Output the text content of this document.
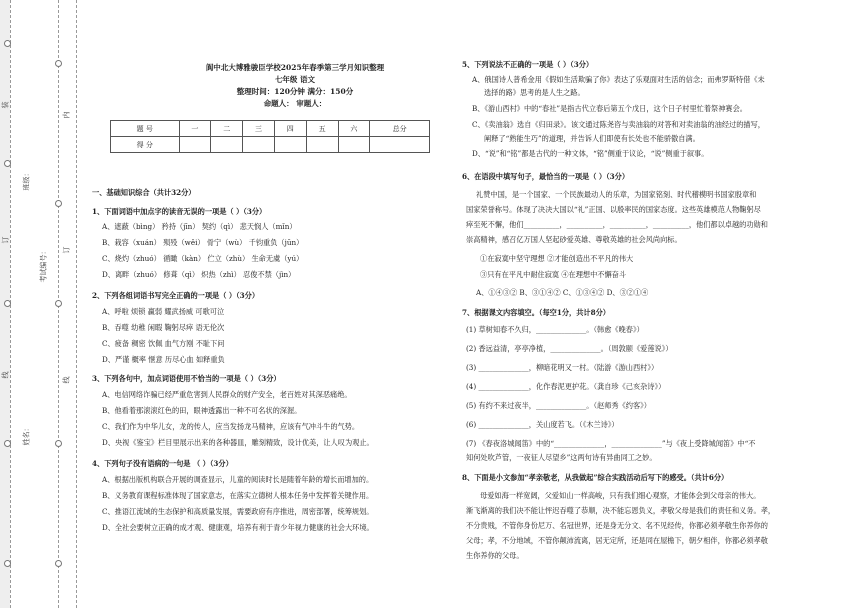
装
订
线
内
订
线
班级：
姓名：
考试编号：
阆中北大博雅骏臣学校2025年春季第三学月知识整理
七年级 语文
整理时间：120分钟 满分：150分
命题人： 审题人：
题 号	一	二	三	四	五	六	总分
得 分							
一、基础知识综合（共计32分）
1、下面词语中加点字的读音无误的一项是（ ）（3分）
A、遮蔽（bìng） 矜持（jīn） 契约（qì） 悲天悯人（mǐn）
B、栽容（xuán） 殒殁（wěi） 骨宁（wù） 千钧重负（jūn）
C、烧灼（zhuó） 循瞰（kàn） 伫立（zhù） 生命无虞（yú）
D、离畔（zhuó） 修葺（qì） 炽热（zhì） 忍俊不禁（jìn）
2、下列各组词语书写完全正确的一项是（ ）（3分）
A、呼啦 烦锁 赢弱 耀武扬威 可歌可泣
B、吞噬 幼稚 闲暇 鞠躬尽瘁 语无伦次
C、疲备 稠密 饮佩 血气方刚 不耻下问
D、严谨 概率 惬意 历尽心血 如释重负
3、下列各句中，加点词语使用不恰当的一项是（ ）（3分）
A、电信网络诈骗已经严重危害到人民群众的财产安全，老百姓对其深恶痛绝。
B、他看着那滚滚红色的田，眼神透露出一种不可名状的深渥。
C、我们作为中华儿女，龙的传人，应当发扬龙马精神，应该有气冲斗牛的气势。
D、央视《鉴宝》栏目里展示出来的各种器皿，雕刻精致，设计优美，让人叹为观止。
4、下列句子没有语病的一句是 （ ）（3分）
A、根据出版机构联合开展的调查显示，儿童的阅读时长是随着年龄的增长而增加的。
B、义务教育课程标准体现了国家意志，在落实立德树人根本任务中发挥着关键作用。
C、推语江流域的生态保护和高质量发展，需要政府有序推进，周密部署，统筹规划。
D、全社会要树立正确的成才观、健康观，培养有利于青少年视力健康的社会大环境。
5、下列说法不正确的一项是（ ）（3分）
A、俄国诗人普希金用《假如生活欺骗了你》表达了乐观面对生活的信念；而弗罗斯特借《未
选择的路》思考的是人生之路。
B、《游山西村》中的“春社”是指古代立春后第五个戊日，这个日子村里忙着祭神赛会。
C、《卖油翁》选自《归田录》。该文通过陈尧咨与卖油翁的对答和对卖油翁的油经过的描写，
阐释了“熟能生巧”的道理，并告诉人们即使有长处也不能骄傲自满。
D、“说”和“铭”都是古代的一种文体，“铭”侧重于议论，“说”侧重于叙事。
6、在语段中填写句子，最恰当的一项是（ ）（3分）
礼赞中国，是一个国家、一个民族最动人的乐章，为国家铭刻、时代稽模明书国家殷章和
国家荣誉称号。体现了决决大国以“礼”正国、以殷率民的国家态度。这些英雄模范人物鞠躬尽
瘁至死不懈，他们__________，__________，__________，__________，他们都以卓越的功勋和
崇高精神，感召亿万国人坚起砂爱英雄、尊敬英雄的社会风尚向标。
①在寂寞中坚守理想 ②才能创造出不平凡的伟大
③只有在平凡中耐住寂寞 ④在理想中不懈奋斗
A、①④③② B、③①④② C、①③④② D、③②①④
7、根据课文内容填空。（每空1分，共计8分）
(1) 草树知春不久归，______________。（韩愈《晚春》）
(2) 香远益清，亭亭净植，______________。（周敦颐《爱莲说》）
(3) ______________，柳暗花明又一村。（陆游《游山西村》）
(4) ______________，化作春泥更护花。（龚自珍《己亥杂诗》）
(5) 有约不来过夜半，______________。（赵师秀《约客》）
(6) ______________，关山度若飞。（《木兰诗》）
(7) 《春夜洛城闻笛》中的“______________，______________”与《夜上受降城闻笛》中“不
知何处吹芦管，一夜征人尽望乡”这两句诗有异曲同工之妙。
8、下面是小文参加“孝亲敬老，从我做起”综合实践活动后写下的感受。（共计6分）
母爱如海一样宽阔，父爱如山一样高峻，只有我们细心观察，才能体会到父母亲的伟大。
渐飞渐离的我们决不能让怦迟吞噬了恭顺，决不能忘恩负义，孝敬父母是我们的责任和义务。孝，
不分贵贱，不管你身份尼万、名冠世界，还是身无分文、名不见经传，你都必须孝敬生你养你的
父母；孝，不分地域，不管你颠沛流离，居无定所，还是同在屋檐下，朝夕相伴，你都必须孝敬
生你养你的父母。
